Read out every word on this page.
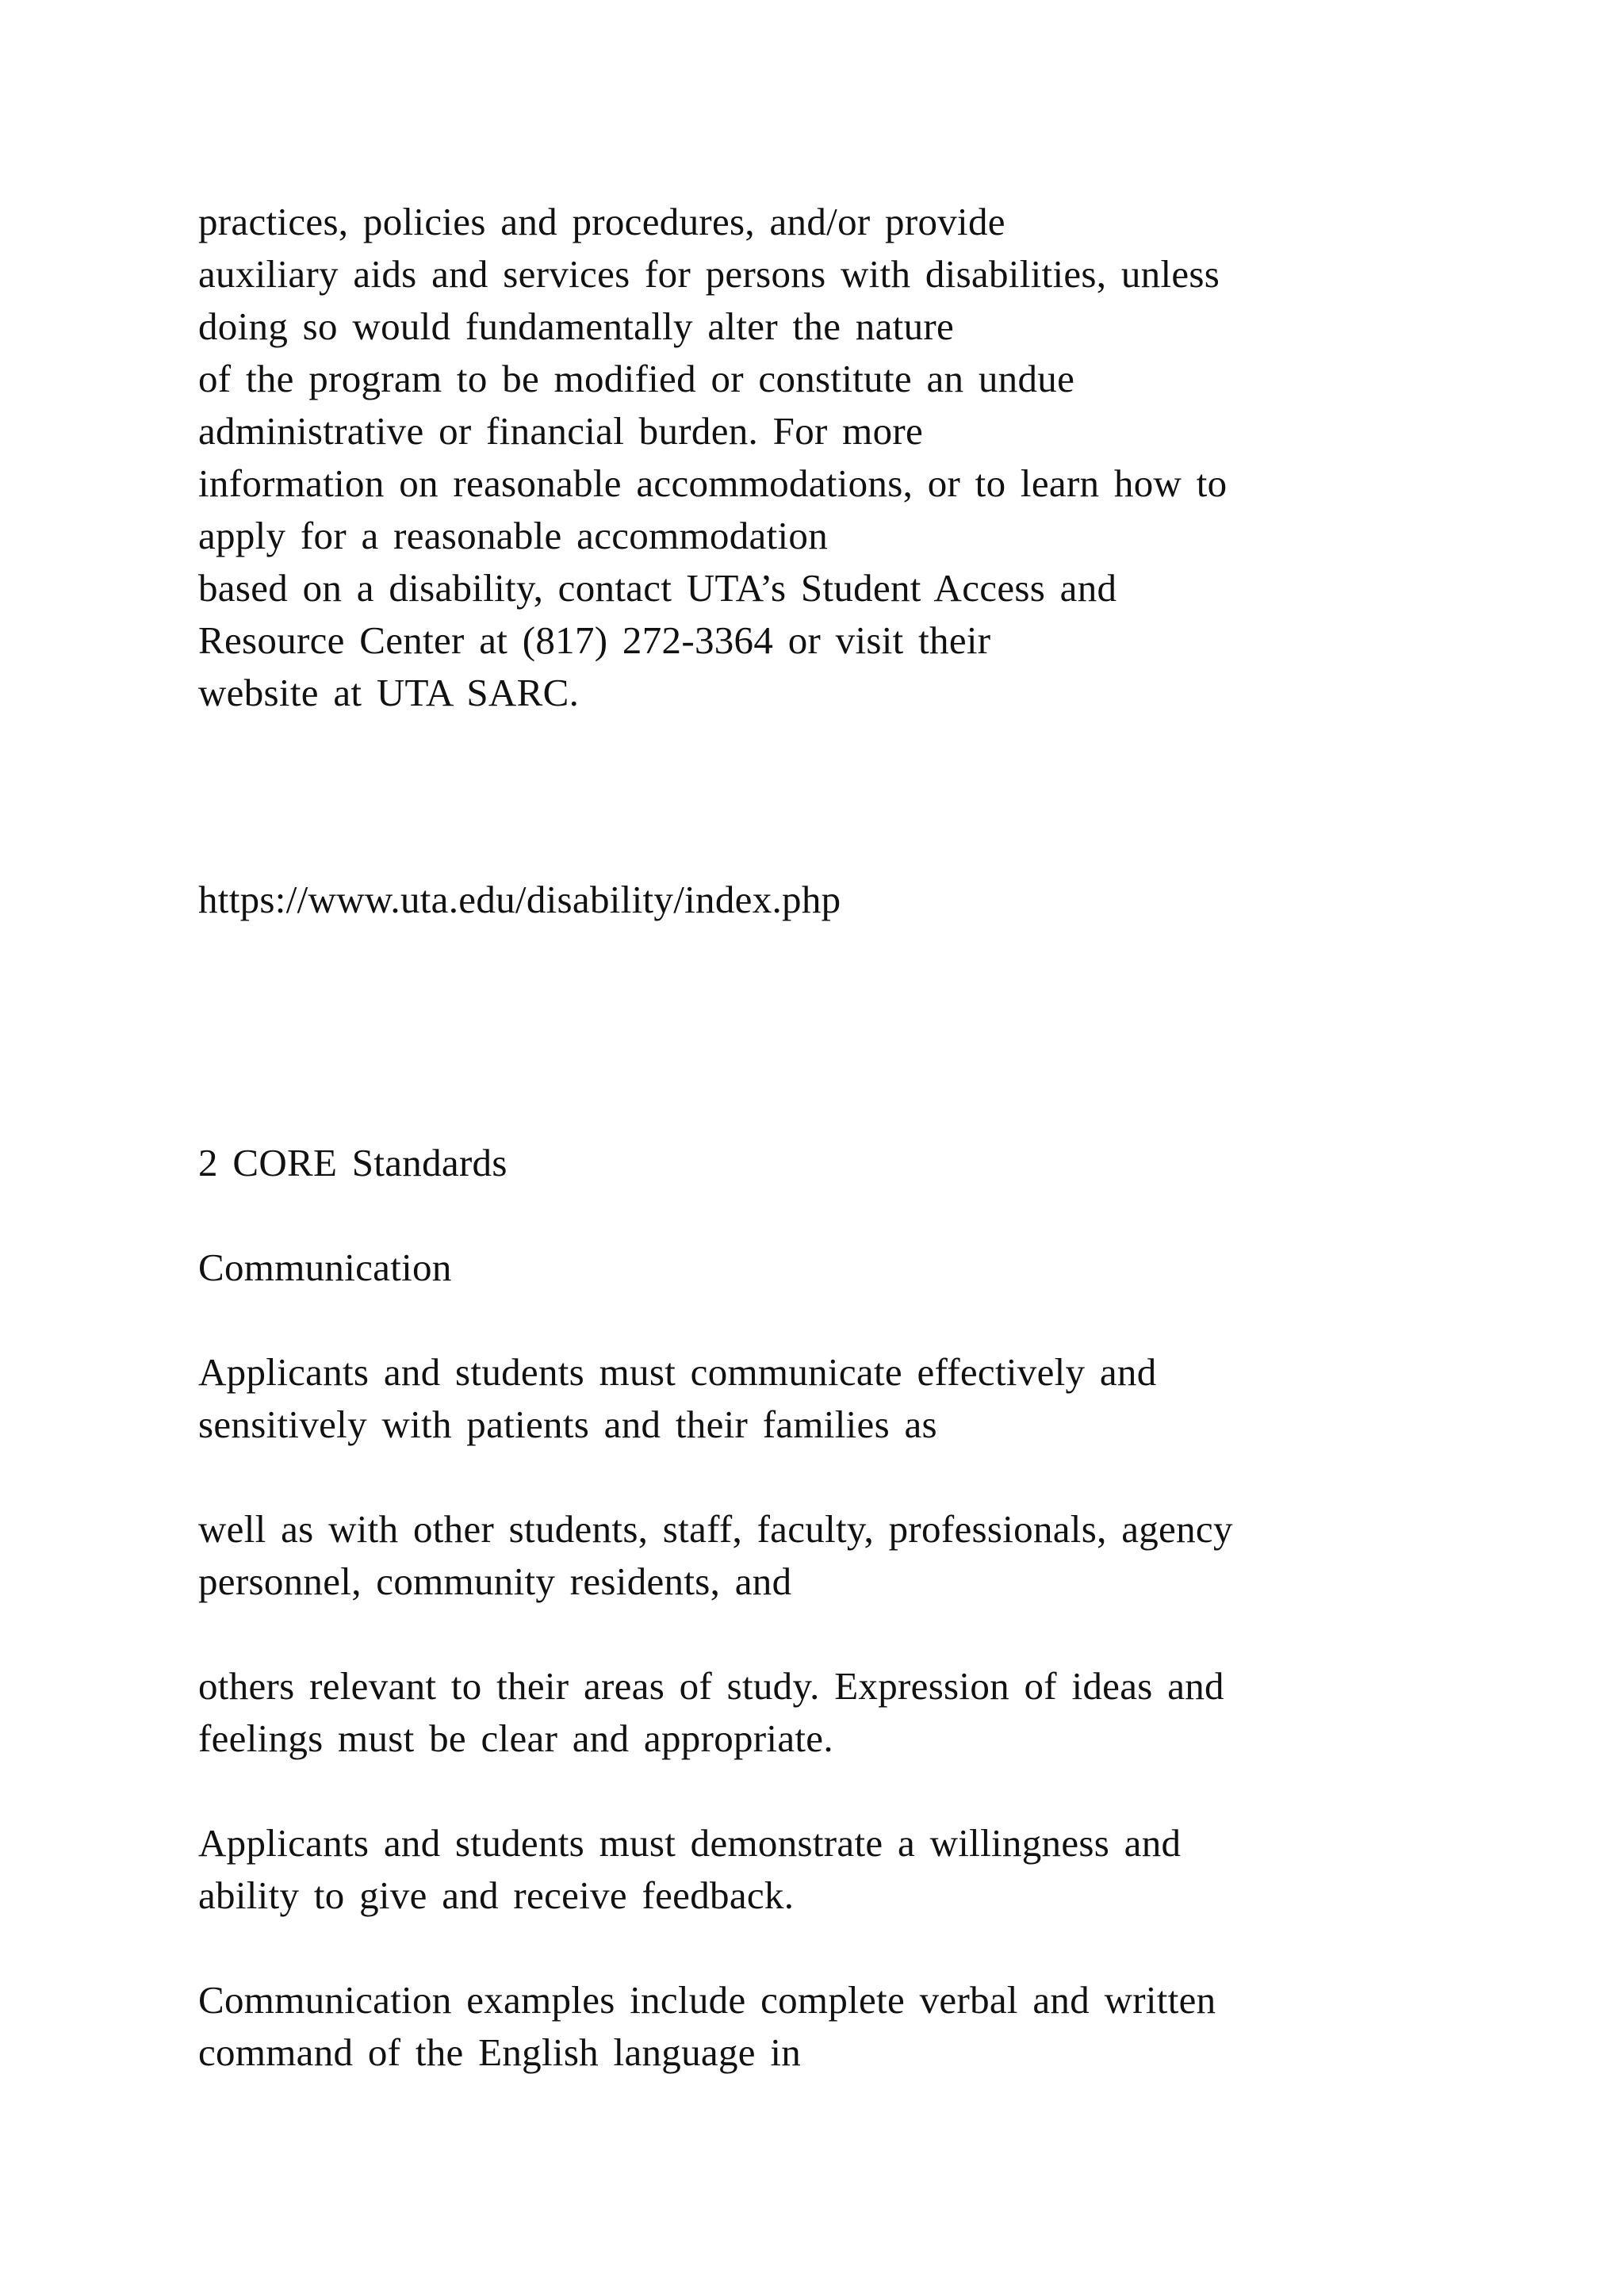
practices, policies and procedures, and/or provide
auxiliary aids and services for persons with disabilities, unless
doing so would fundamentally alter the nature
of the program to be modified or constitute an undue
administrative or financial burden. For more
information on reasonable accommodations, or to learn how to
apply for a reasonable accommodation
based on a disability, contact UTA’s Student Access and
Resource Center at (817) 272-3364 or visit their
website at UTA SARC.
https://www.uta.edu/disability/index.php
2 CORE Standards
Communication
Applicants and students must communicate effectively and
sensitively with patients and their families as
well as with other students, staff, faculty, professionals, agency
personnel, community residents, and
others relevant to their areas of study. Expression of ideas and
feelings must be clear and appropriate.
Applicants and students must demonstrate a willingness and
ability to give and receive feedback.
Communication examples include complete verbal and written
command of the English language in
